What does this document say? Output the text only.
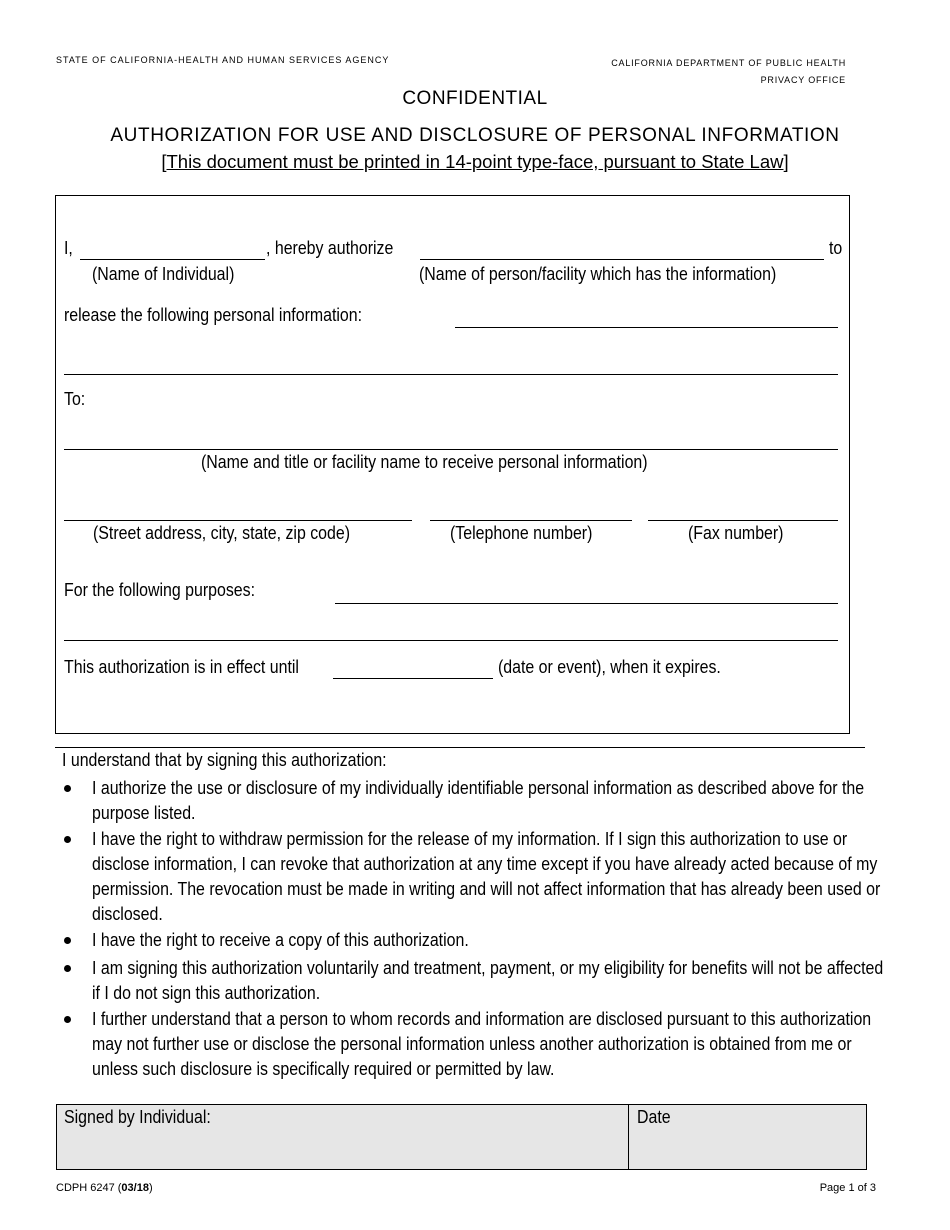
STATE OF CALIFORNIA-HEALTH AND HUMAN SERVICES AGENCY	CALIFORNIA DEPARTMENT OF PUBLIC HEALTH
PRIVACY OFFICE
CONFIDENTIAL
AUTHORIZATION FOR USE AND DISCLOSURE OF PERSONAL INFORMATION
[This document must be printed in 14-point type-face, pursuant to State Law]
I,	, hereby authorize	to
(Name of Individual)	(Name of person/facility which has the information)
release the following personal information:
To:
(Name and title or facility name to receive personal information)
(Street address, city, state, zip code)	(Telephone number)	(Fax number)
For the following purposes:
This authorization is in effect until	(date or event), when it expires.
I understand that by signing this authorization:
I authorize the use or disclosure of my individually identifiable personal information as described above for the purpose listed.
I have the right to withdraw permission for the release of my information. If I sign this authorization to use or disclose information, I can revoke that authorization at any time except if you have already acted because of my permission. The revocation must be made in writing and will not affect information that has already been used or disclosed.
I have the right to receive a copy of this authorization.
I am signing this authorization voluntarily and treatment, payment, or my eligibility for benefits will not be affected if I do not sign this authorization.
I further understand that a person to whom records and information are disclosed pursuant to this authorization may not further use or disclose the personal information unless another authorization is obtained from me or unless such disclosure is specifically required or permitted by law.
Signed by Individual:	Date
CDPH 6247 (03/18)	Page 1 of 3
